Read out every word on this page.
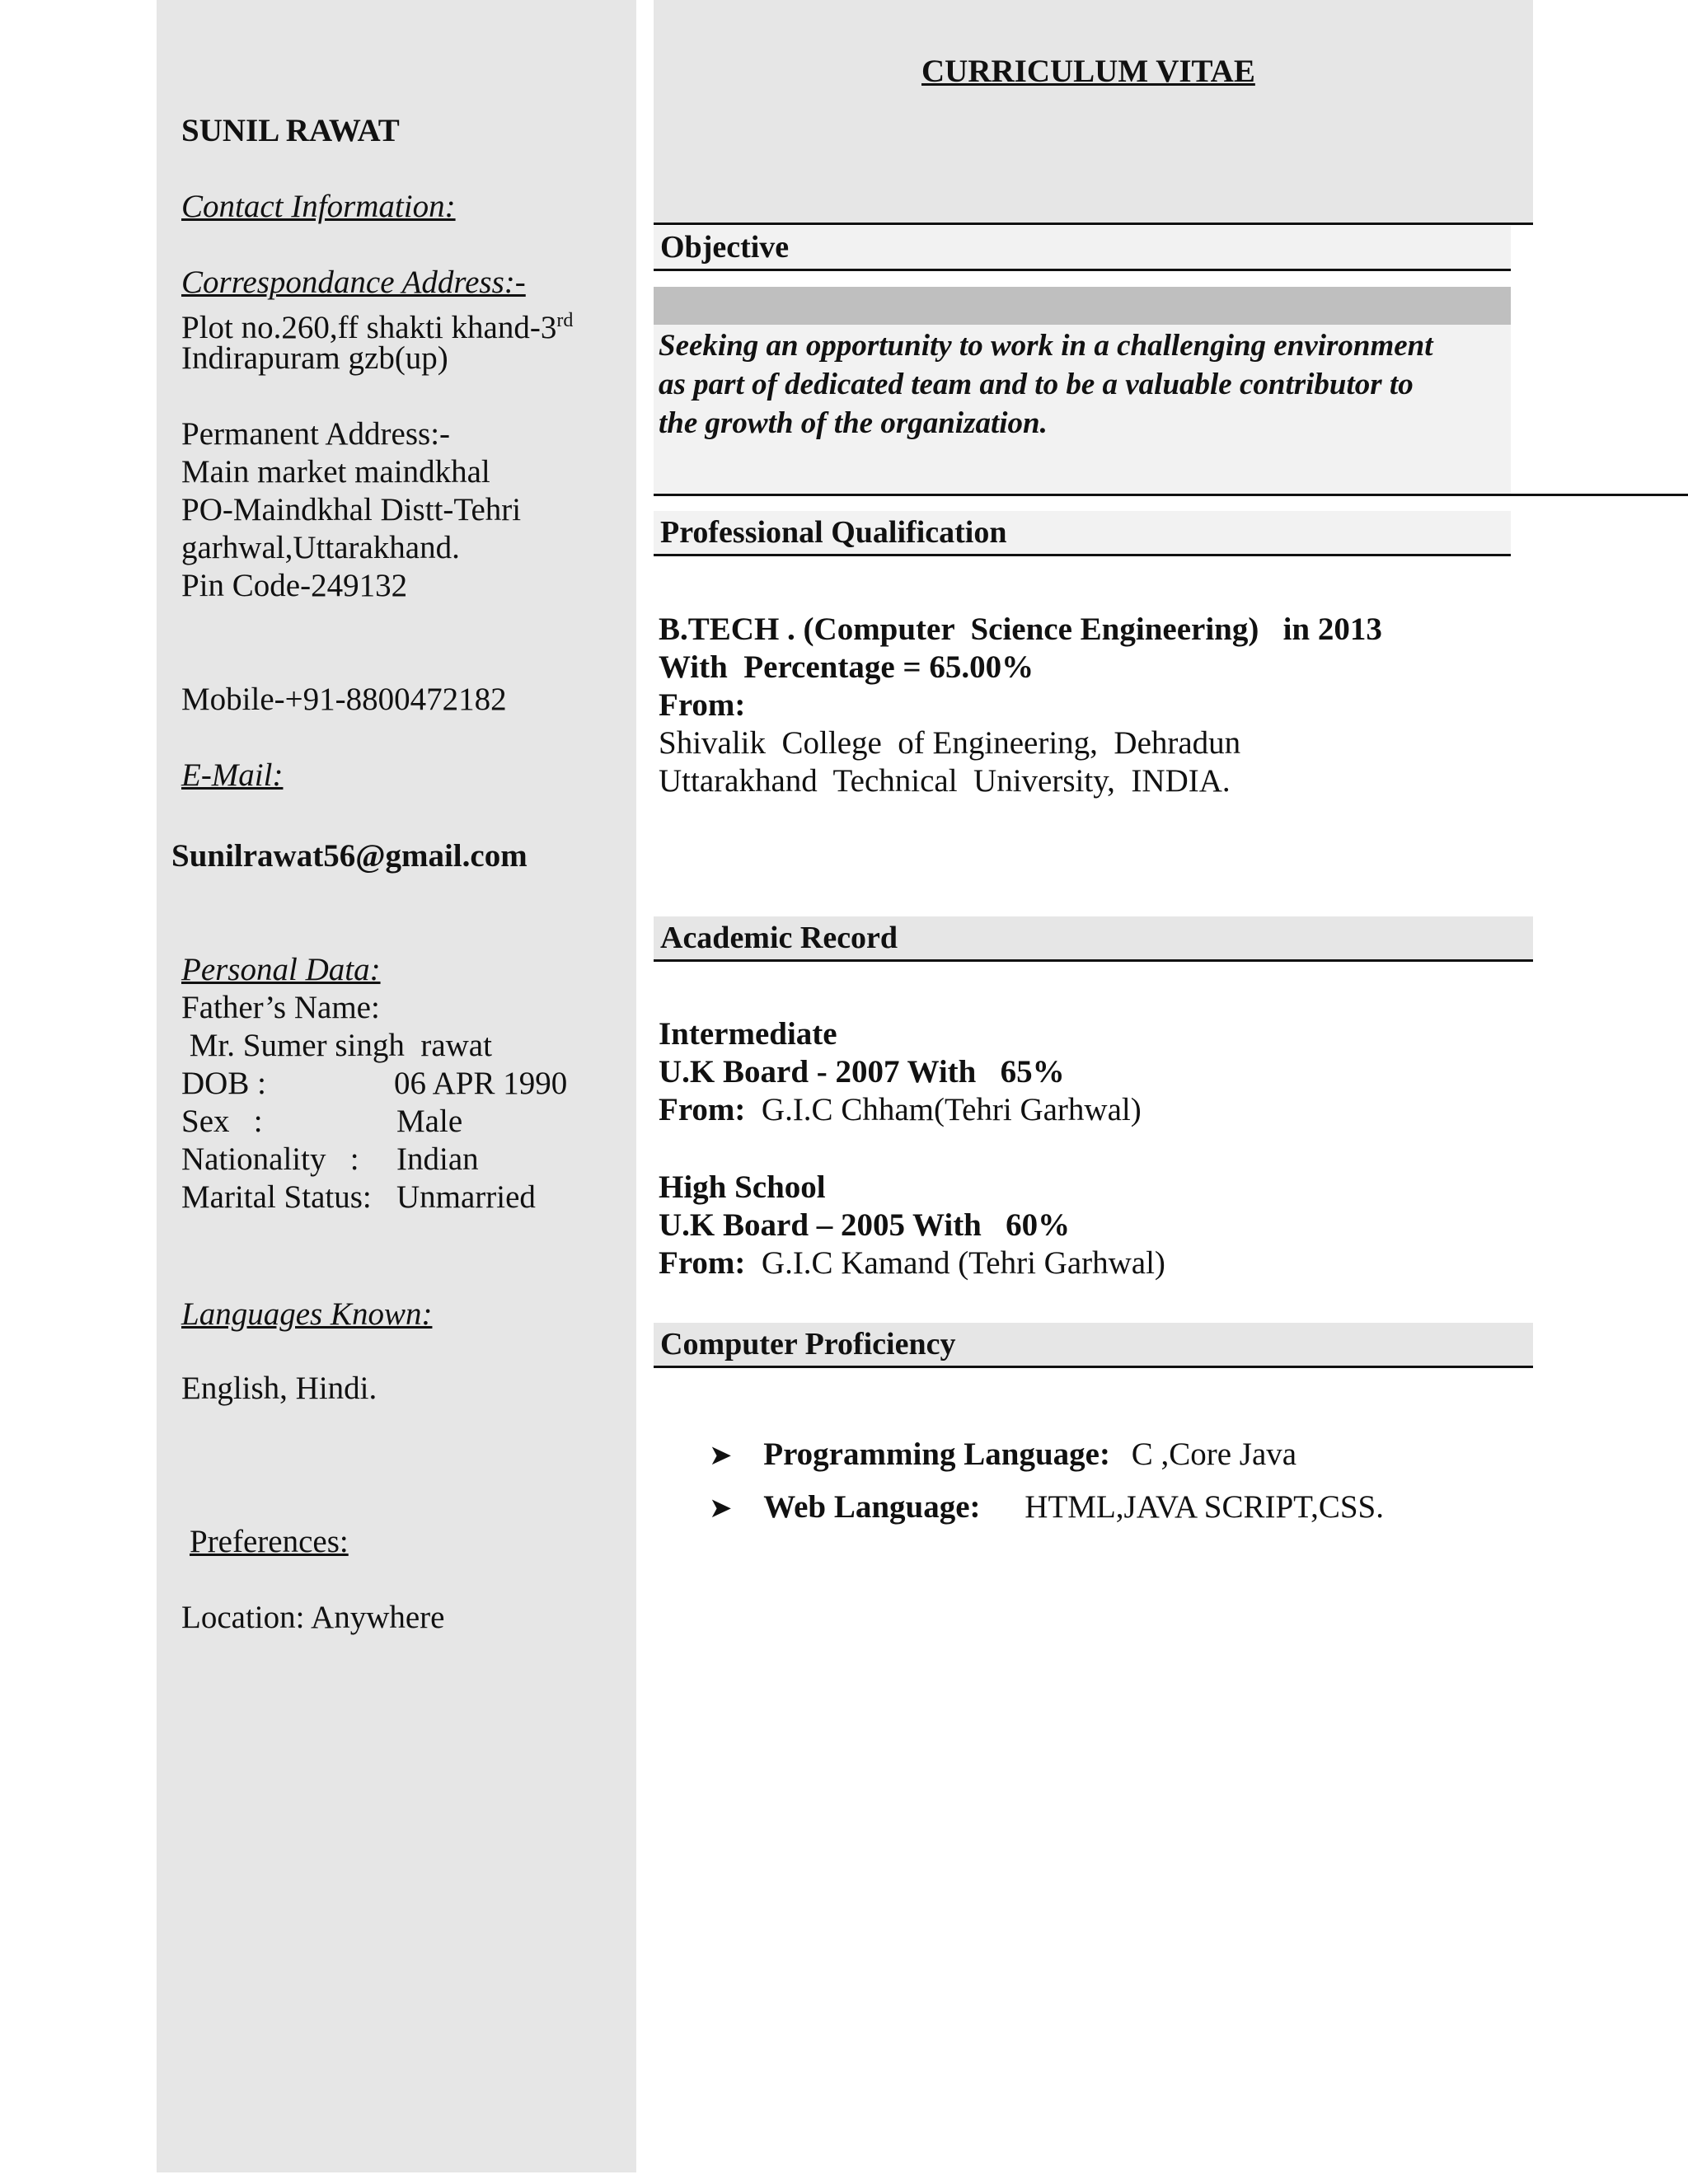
SUNIL RAWAT
Contact Information:
Correspondance Address:-
Plot no.260,ff shakti khand-3rd
Indirapuram gzb(up)
Permanent Address:-
Main market maindkhal
PO-Maindkhal Distt-Tehri
garhwal,Uttarakhand.
Pin Code-249132
Mobile-+91-8800472182
E-Mail:
Sunilrawat56@gmail.com
Personal Data:
Father’s Name:
Mr. Sumer singh  rawat
DOB :	06 APR 1990
Sex   :	Male
Nationality   : Indian
Marital Status: Unmarried
Languages Known:
English, Hindi.
Preferences:
Location: Anywhere
CURRICULUM VITAE
Objective
Seeking an opportunity to work in a challenging environment
as part of dedicated team and to be a valuable contributor to
the growth of the organization.
Professional Qualification
B.TECH . (Computer  Science Engineering)   in 2013
With  Percentage = 65.00%
From:
Shivalik  College  of Engineering,  Dehradun
Uttarakhand  Technical  University,  INDIA.
Academic Record
Intermediate
U.K Board - 2007 With   65%
From: G.I.C Chham(Tehri Garhwal)
High School
U.K Board – 2005 With   60%
From: G.I.C Kamand (Tehri Garhwal)
Computer Proficiency
➤ Programming Language: C ,Core Java
➤ Web Language: HTML,JAVA SCRIPT,CSS.
